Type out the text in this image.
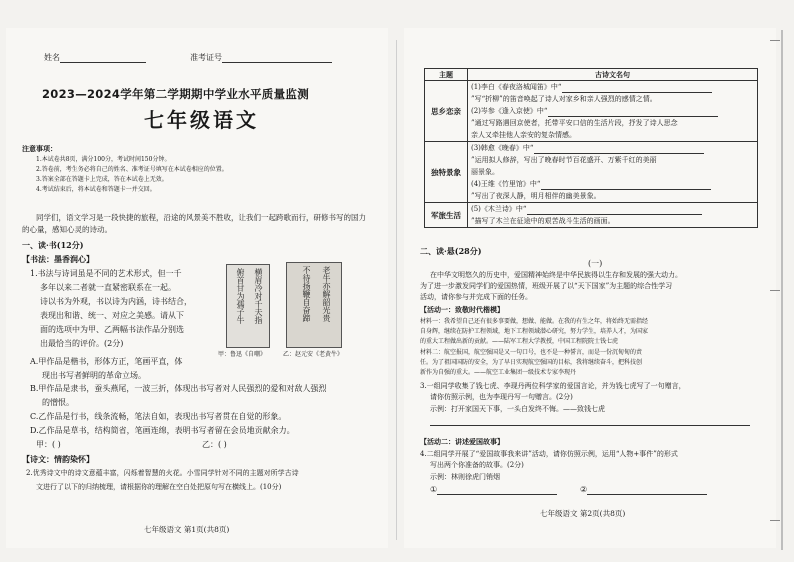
姓名	准考证号
2023—2024学年第二学期期中学业水平质量监测
七年级语文
注意事项：
1.本试卷共8页，满分100分，考试时间150分钟。
2.答卷前，考生务必将自己的姓名、准考证号填写在本试卷相应的位置。
3.答案全部在答题卡上完成，答在本试卷上无效。
4.考试结束后，将本试卷和答题卡一并交回。
同学们，语文学习是一段快捷的旅程，沿途的风景美不胜收，让我们一起跨歌而行，研修书写的国力的心量，感知心灵的诗动。
一、读·书(12分)
【书法：墨香润心】
1.书法与诗词虽是不同的艺术形式，但一千
多年以来二者就一直紧密联系在一起。
诗以书为外观，书以诗为内涵，诗书结合，
表现出和谐、统一、对应之美感。请从下
面的选项中为甲、乙两幅书法作品分别选
出最恰当的评价。(2分)
横眉冷对千夫指
俯首甘为孺子牛	老牛亦解韶光贵
不待扬鞭自奋蹄
甲：鲁迅《自嘲》	乙：赵元安《老黄牛》
A.甲作品是楷书，形体方正，笔画平直，体
现出书写者鲜明的革命立场。
B.甲作品是隶书，蚕头燕尾，一波三折，体现出书写者对人民强烈的爱和对敌人强烈
的憎恨。
C.乙作品是行书，线条流畅，笔法自如，表现出书写者贯在自觉的形象。
D.乙作品是草书，结构简省，笔画连绵，表明书写者留在会员地贡献余力。
甲：( )	乙：( )
【诗文：情韵染怀】
2.优秀诗文中的诗文意蕴丰富，闪烁着智慧的火花。小雪同学针对不同的主题对所学古诗
文进行了以下的归纳梳理，请根据你的理解在空白处把原句写在横线上。(10分)
七年级语文 第1页(共8页)
主题	古诗文名句
思乡恋亲	(1)李白《春夜洛城闻笛》中“
”写“折柳”的笛音唤起了诗人对家乡和亲人强烈的感情之情。
(2)岑参《逢入京使》中“
”通过写路遇回京使者，托带平安口信的生活片段，抒发了诗人思念
亲人又牵挂他人亲安的复杂情感。

独特景象	(3)韩愈《晚春》中“
”运用拟人修辞，写出了晚春时节百花盛开、万紫千红的美丽
丽景象。
(4)王维《竹里馆》中“
”写出了夜深人静，明月相伴的幽美景象。

军旅生活	(5)《木兰诗》中“
”描写了木兰在征途中的艰苦战斗生活的画面。
二、读·悬(28分)
(一)
在中华文明悠久的历史中，爱国精神始终是中华民族得以生存和发展的强大动力。
为了进一步激发同学们的爱国热情，班级开展了以“天下国家”为主题的综合性学习
活动，请你参与并完成下面的任务。
【活动一：致敬时代楷模】
材料一：我希望自己还有很多事要做，想做、能做。在我的有生之年，将始终无需指经
自身辉，继续在防护工程领域，地下工程领域潜心研究，努力学生，培养人才，为国家
的重大工程做出新的贡献。——陆军工程大学教授，中国工程院院士钱七虎
材料二：航空报国，航空强国是又一句口号，也不是一种誓言，而是一份沉甸甸的责
任。为了祖国国防的安全，为了早日实现航空强国的目标，我将继续奋斗，把科技创
新作为自强的重大。——航空工业集团一级技术专家李现丹
3.一组同学收集了钱七虎、李现丹两位科学家的爱国言论，并为钱七虎写了一句赠言，
请你仿照示例，也为李现丹写一句赠言。(2分)
示例：打开家国天下事，一头白发终不悔。——致钱七虎
【活动二：讲述爱国故事】
4.二组同学开展了“爱国故事我来讲”活动，请你仿照示例，运用“人物+事件”的形式
写出两个你准备的故事。(2分)
示例：林则徐虎门销烟
①	②
七年级语文 第2页(共8页)
